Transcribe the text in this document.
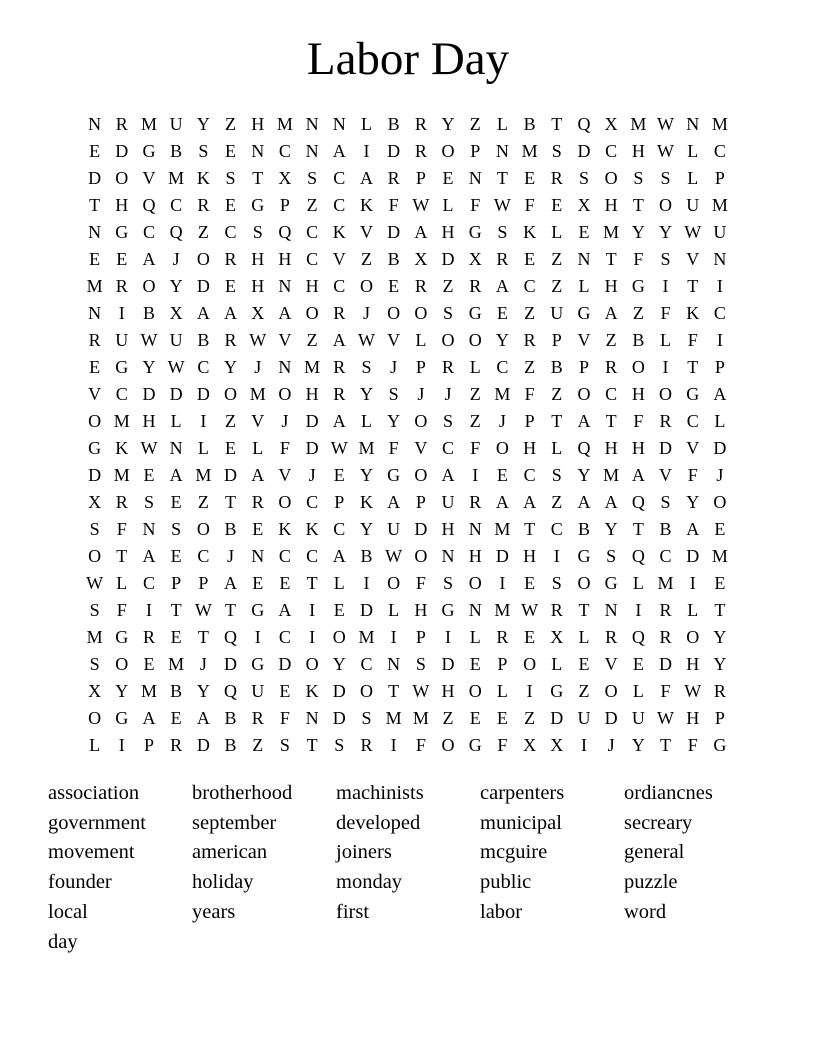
Labor Day
N R M U Y Z H M N N L B R Y Z L B T Q X M W N M
E D G B S E N C N A I D R O P N M S D C H W L C
D O V M K S T X S C A R P E N T E R S O S S L P
T H Q C R E G P Z C K F W L F W F E X H T O U M
N G C Q Z C S Q C K V D A H G S K L E M Y Y W U
E E A J O R H H C V Z B X D X R E Z N T F S V N
M R O Y D E H N H C O E R Z R A C Z L H G I	T	I
N I	B X A A X A O R J O O S G E Z U G A Z F K C
R U W U B R W V Z A W V L O O Y R P V Z B L F	I
E G Y W C Y J N M R S	J	P R L C Z B P R O I	T P
V C D D D O M O H R Y S	J	J	Z M F Z O C H O G A
O M H L	I	Z V J D A L Y O S Z	J	P T A T F R C L
G K W N L E L F D W M F V C F O H L Q H H D V D
D M E A M D A V J	E Y G O A I	E C S Y M A V F	J
X R S E Z T R O C P K A P U R A A Z A A Q S Y O
S F N S O B E K K C Y U D H N M T C B Y T B A E
O T A E C J N C C A B W O N H D H I G S Q C D M
W L C P P A E E T L	I O F S O I	E S O G L M I	E
S F	I	T W T G A I	E D L H G N M W R T N I	R L T
M G R E T Q I	C	I O M I	P	I	L R E X L R Q R O Y
S O E M J D G D O Y C N S D E P O L E V E D H Y
X Y M B Y Q U E K D O T W H O L	I G Z O L F W R
O G A E A B R F N D S M M Z E E Z D U D U W H P
L	I	P R D B Z S T S R	I	F O G F X X I	J Y T F G
association
government
movement
founder
local
day
brotherhood
september
american
holiday
years
machinists
developed
joiners
monday
first
carpenters
municipal
mcguire
public
labor
ordiancnes
secreary
general
puzzle
word
